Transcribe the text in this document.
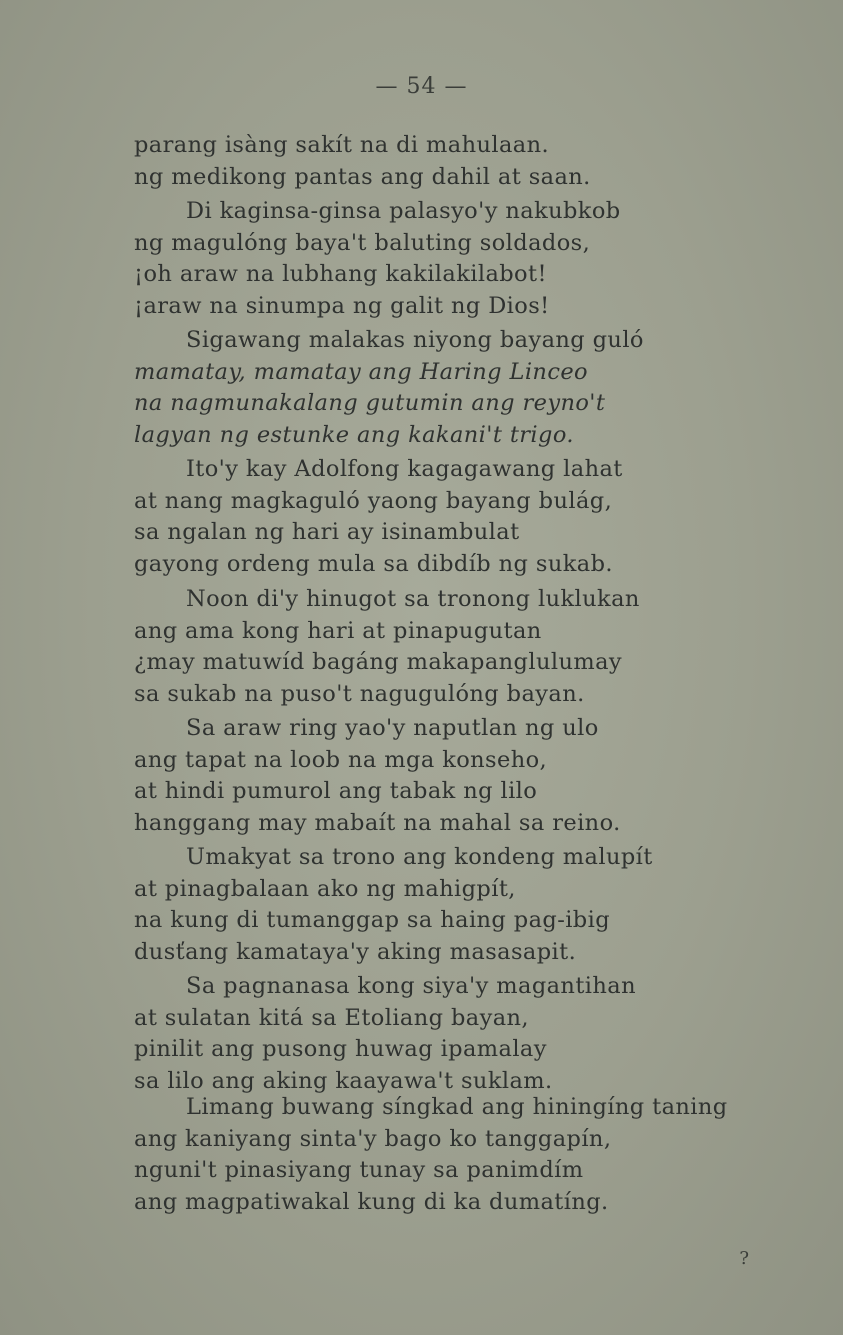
— 54 —
parang isàng sakít na di mahulaan.
ng medikong pantas ang dahil at saan.
Di kaginsa-ginsa palasyo'y nakubkob
ng magulóng baya't baluting soldados,
¡oh araw na lubhang kakilakilabot!
¡araw na sinumpa ng galit ng Dios!
Sigawang malakas niyong bayang guló
mamatay, mamatay ang Haring Linceo
na nagmunakalang gutumin ang reyno't
lagyan ng estunke ang kakani't trigo.
Ito'y kay Adolfong kagagawang lahat
at nang magkaguló yaong bayang bulág,
sa ngalan ng hari ay isinambulat
gayong ordeng mula sa dibdíb ng sukab.
Noon di'y hinugot sa tronong luklukan
ang ama kong hari at pinapugutan
¿may matuwíd bagáng makapanglulumay
sa sukab na puso't nagugulóng bayan.
Sa araw ring yao'y naputlan ng ulo
ang tapat na loob na mga konseho,
at hindi pumurol ang tabak ng lilo
hanggang may mabaít na mahal sa reino.
Umakyat sa trono ang kondeng malupít
at pinagbalaan ako ng mahigpít,
na kung di tumanggap sa haing pag-ibig
dusťang kamataya'y aking masasapit.
Sa pagnanasa kong siya'y magantihan
at sulatan kitá sa Etoliang bayan,
pinilit ang pusong huwag ipamalay
sa lilo ang aking kaayawa't suklam.
Limang buwang síngkad ang hiningíng taning
ang kaniyang sinta'y bago ko tanggapín,
nguni't pinasiyang tunay sa panimdím
ang magpatiwakal kung di ka dumatíng.
?
